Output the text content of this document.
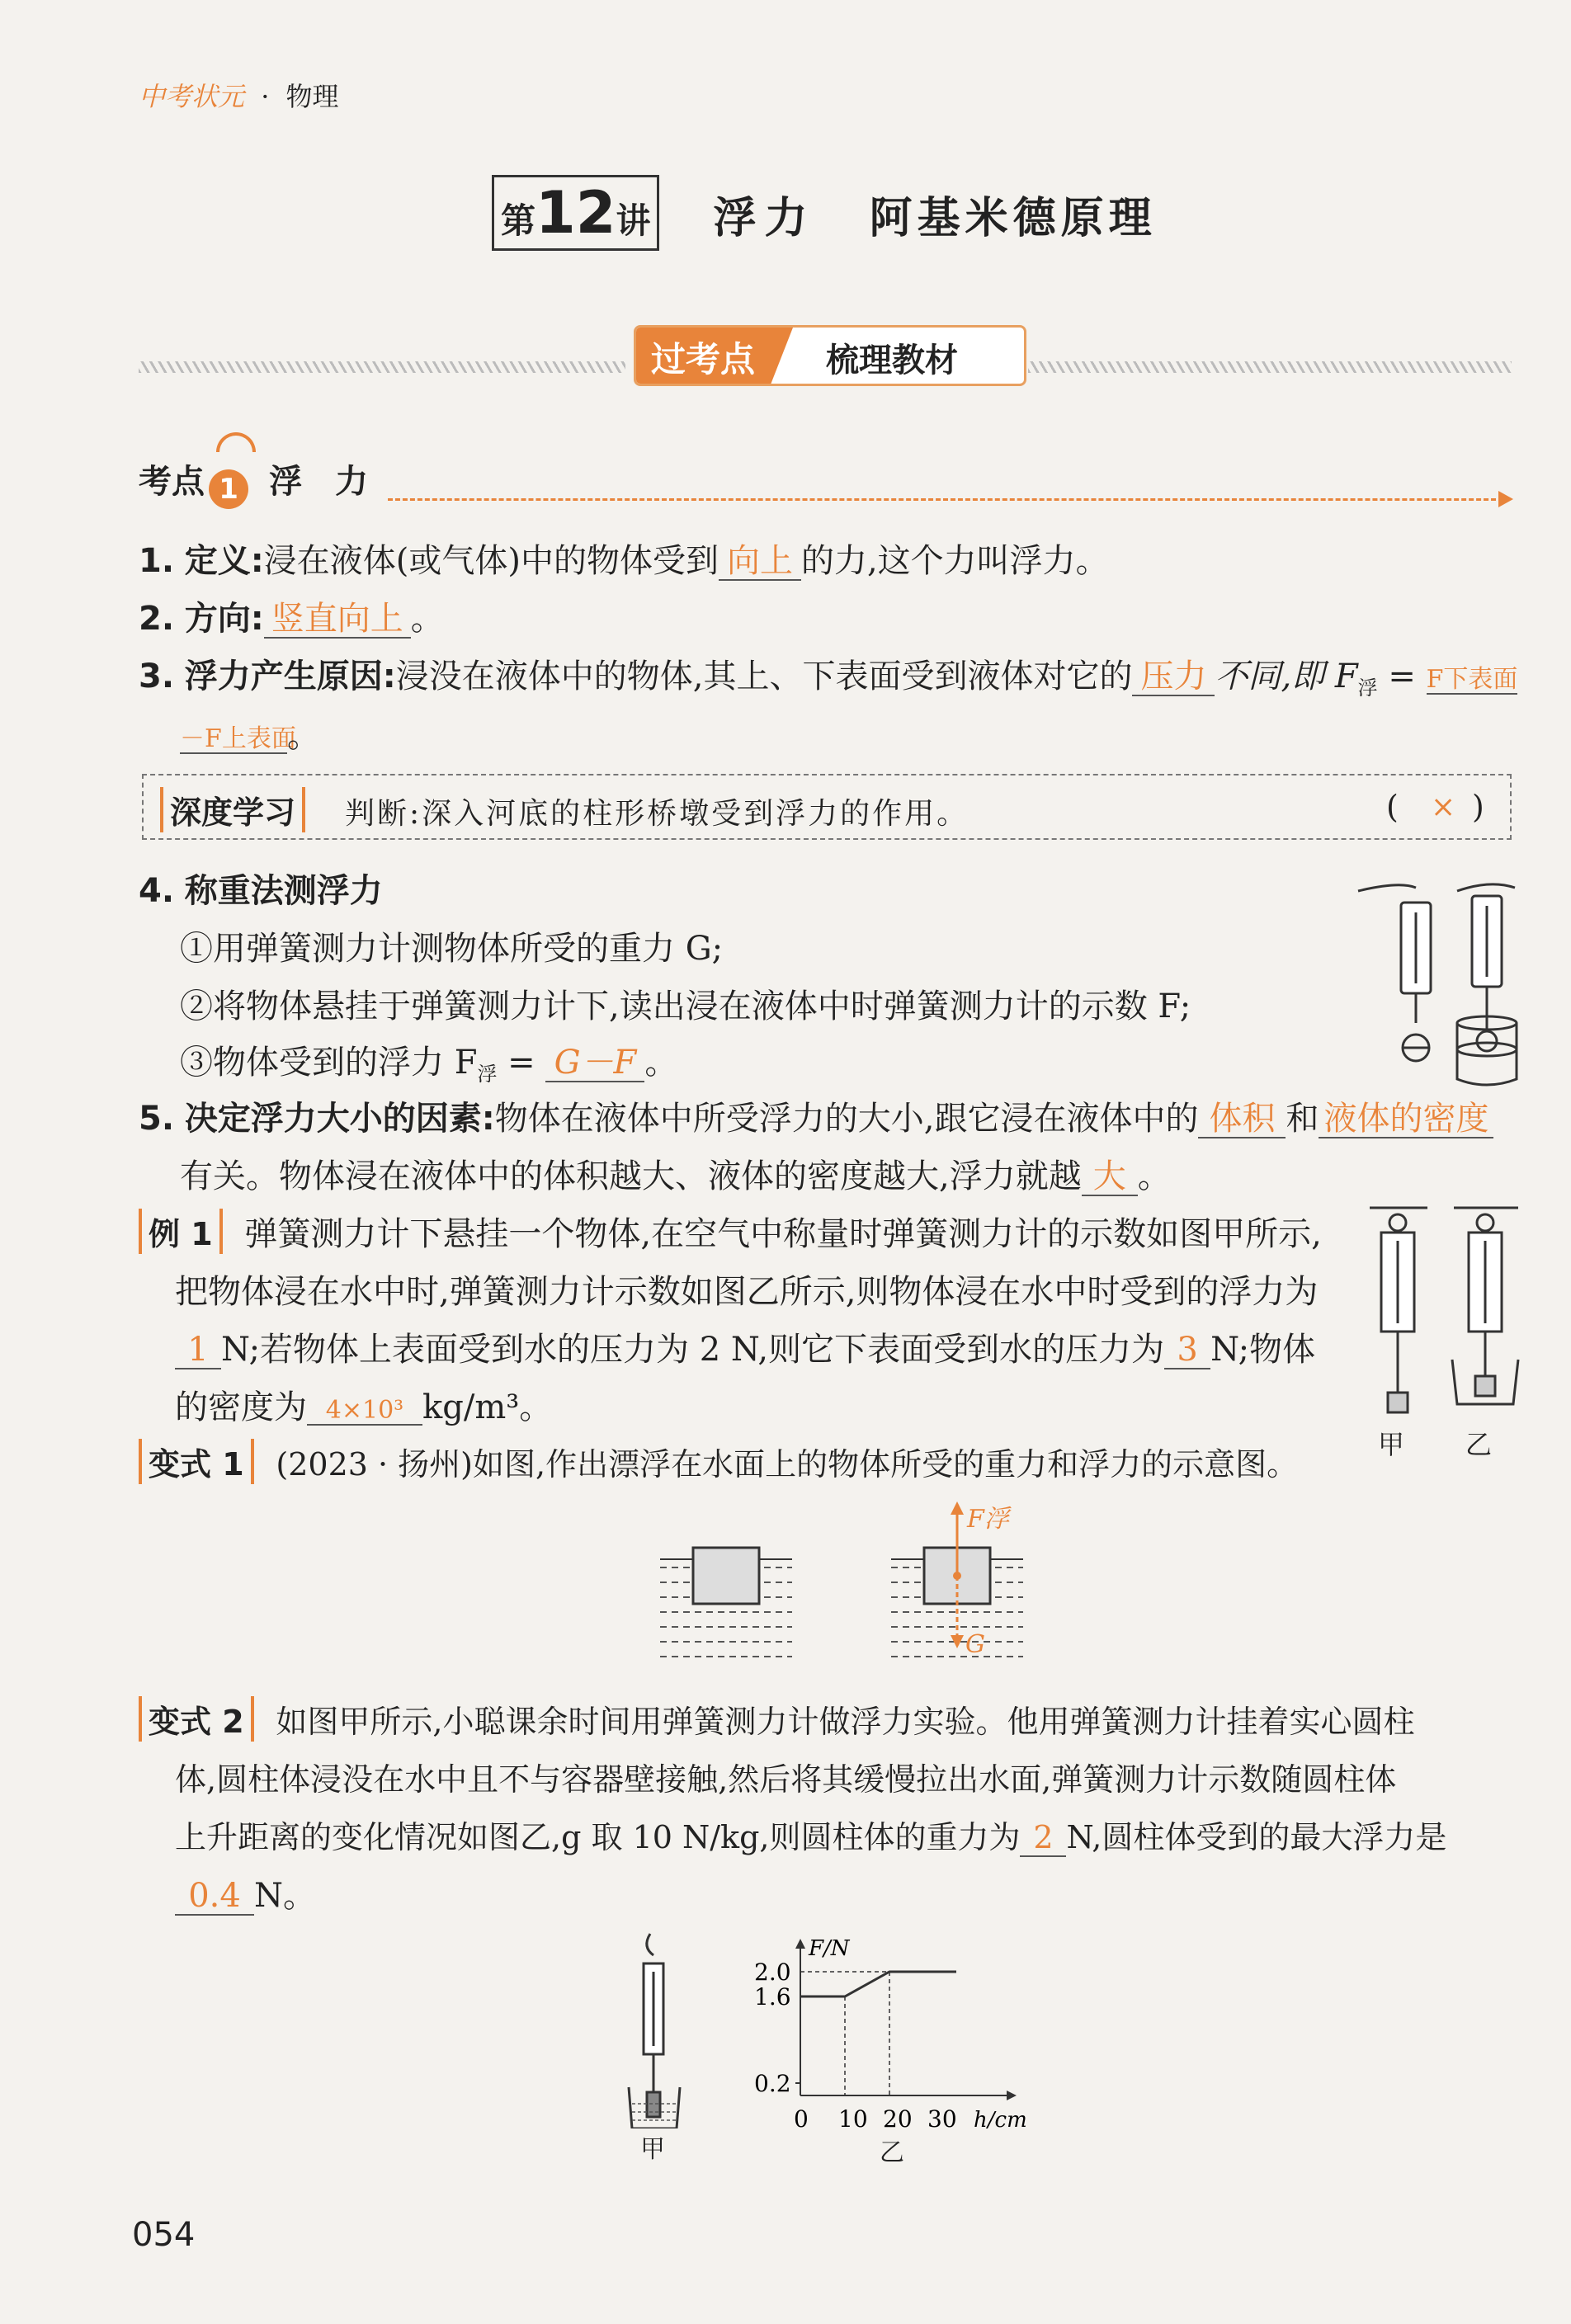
中考状元 · 物理
第12讲 浮力 阿基米德原理
过考点 梳理教材
考点 1 浮　力
1. 定义:浸在液体(或气体)中的物体受到 向上 的力,这个力叫浮力。
2. 方向: 竖直向上 。
3. 浮力产生原因:浸没在液体中的物体,其上、下表面受到液体对它的 压力 不同,即 $F_浮 = F$下表面
－F上表面。
深度学习	判断:深入河底的柱形桥墩受到浮力的作用。	( × )
4. 称重法测浮力
①用弹簧测力计测物体所受的重力 G;
②将物体悬挂于弹簧测力计下,读出浸在液体中时弹簧测力计的示数 F;
③物体受到的浮力 $F_浮 = G-F$ 。
5. 决定浮力大小的因素:物体在液体中所受浮力的大小,跟它浸在液体中的 体积 和 液体的密度
有关。物体浸在液体中的体积越大、液体的密度越大,浮力就越 大 。
例 1 弹簧测力计下悬挂一个物体,在空气中称量时弹簧测力计的示数如图甲所示,
把物体浸在水中时,弹簧测力计示数如图乙所示,则物体浸在水中时受到的浮力为
1 N;若物体上表面受到水的压力为 2 N,则它下表面受到水的压力为 3 N;物体
的密度为 4×10³ kg/m³。
甲 乙
变式 1 (2023 · 扬州)如图,作出漂浮在水面上的物体所受的重力和浮力的示意图。
F浮
G
变式 2 如图甲所示,小聪课余时间用弹簧测力计做浮力实验。他用弹簧测力计挂着实心圆柱
体,圆柱体浸没在水中且不与容器壁接触,然后将其缓慢拉出水面,弹簧测力计示数随圆柱体
上升距离的变化情况如图乙,g 取 10 N/kg,则圆柱体的重力为 2 N,圆柱体受到的最大浮力是
0.4 N。
甲
F/N
h/cm
0 10 20 30
0.2
1.6
2.0
乙
054
